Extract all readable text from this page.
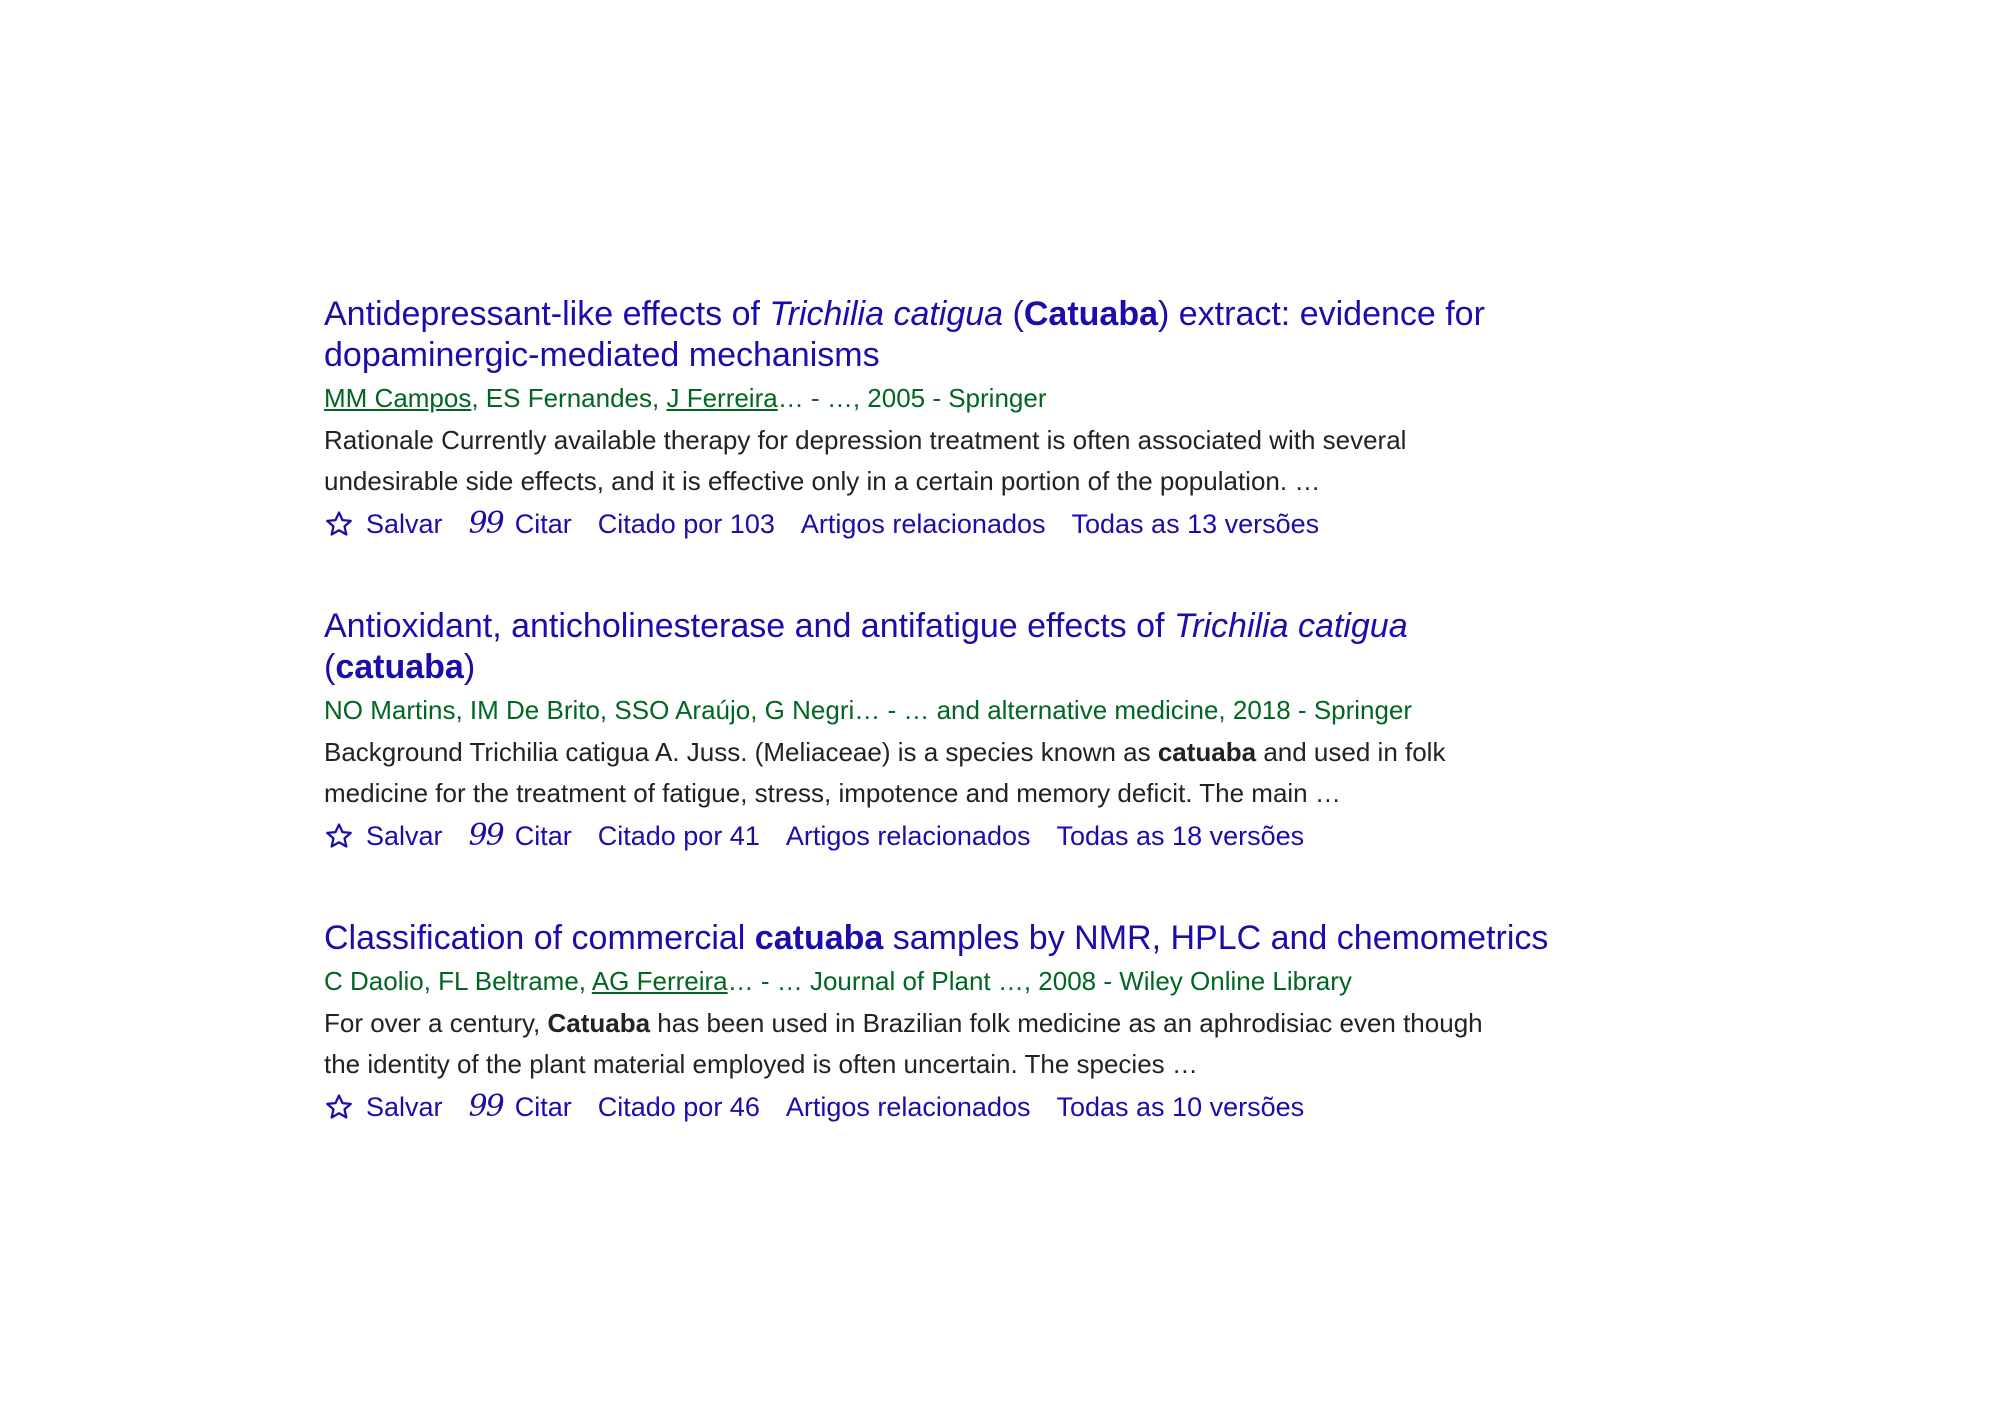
Antidepressant-like effects of Trichilia catigua (Catuaba) extract: evidence for dopaminergic-mediated mechanisms
MM Campos, ES Fernandes, J Ferreira… - …, 2005 - Springer
Rationale Currently available therapy for depression treatment is often associated with several undesirable side effects, and it is effective only in a certain portion of the population. …
Salvar 99 Citar Citado por 103 Artigos relacionados Todas as 13 versões
Antioxidant, anticholinesterase and antifatigue effects of Trichilia catigua
(catuaba)
NO Martins, IM De Brito, SSO Araújo, G Negri… - … and alternative medicine, 2018 - Springer
Background Trichilia catigua A. Juss. (Meliaceae) is a species known as catuaba and used in folk medicine for the treatment of fatigue, stress, impotence and memory deficit. The main …
Salvar 99 Citar Citado por 41 Artigos relacionados Todas as 18 versões
Classification of commercial catuaba samples by NMR, HPLC and chemometrics
C Daolio, FL Beltrame, AG Ferreira… - … Journal of Plant …, 2008 - Wiley Online Library
For over a century, Catuaba has been used in Brazilian folk medicine as an aphrodisiac even though the identity of the plant material employed is often uncertain. The species …
Salvar 99 Citar Citado por 46 Artigos relacionados Todas as 10 versões
